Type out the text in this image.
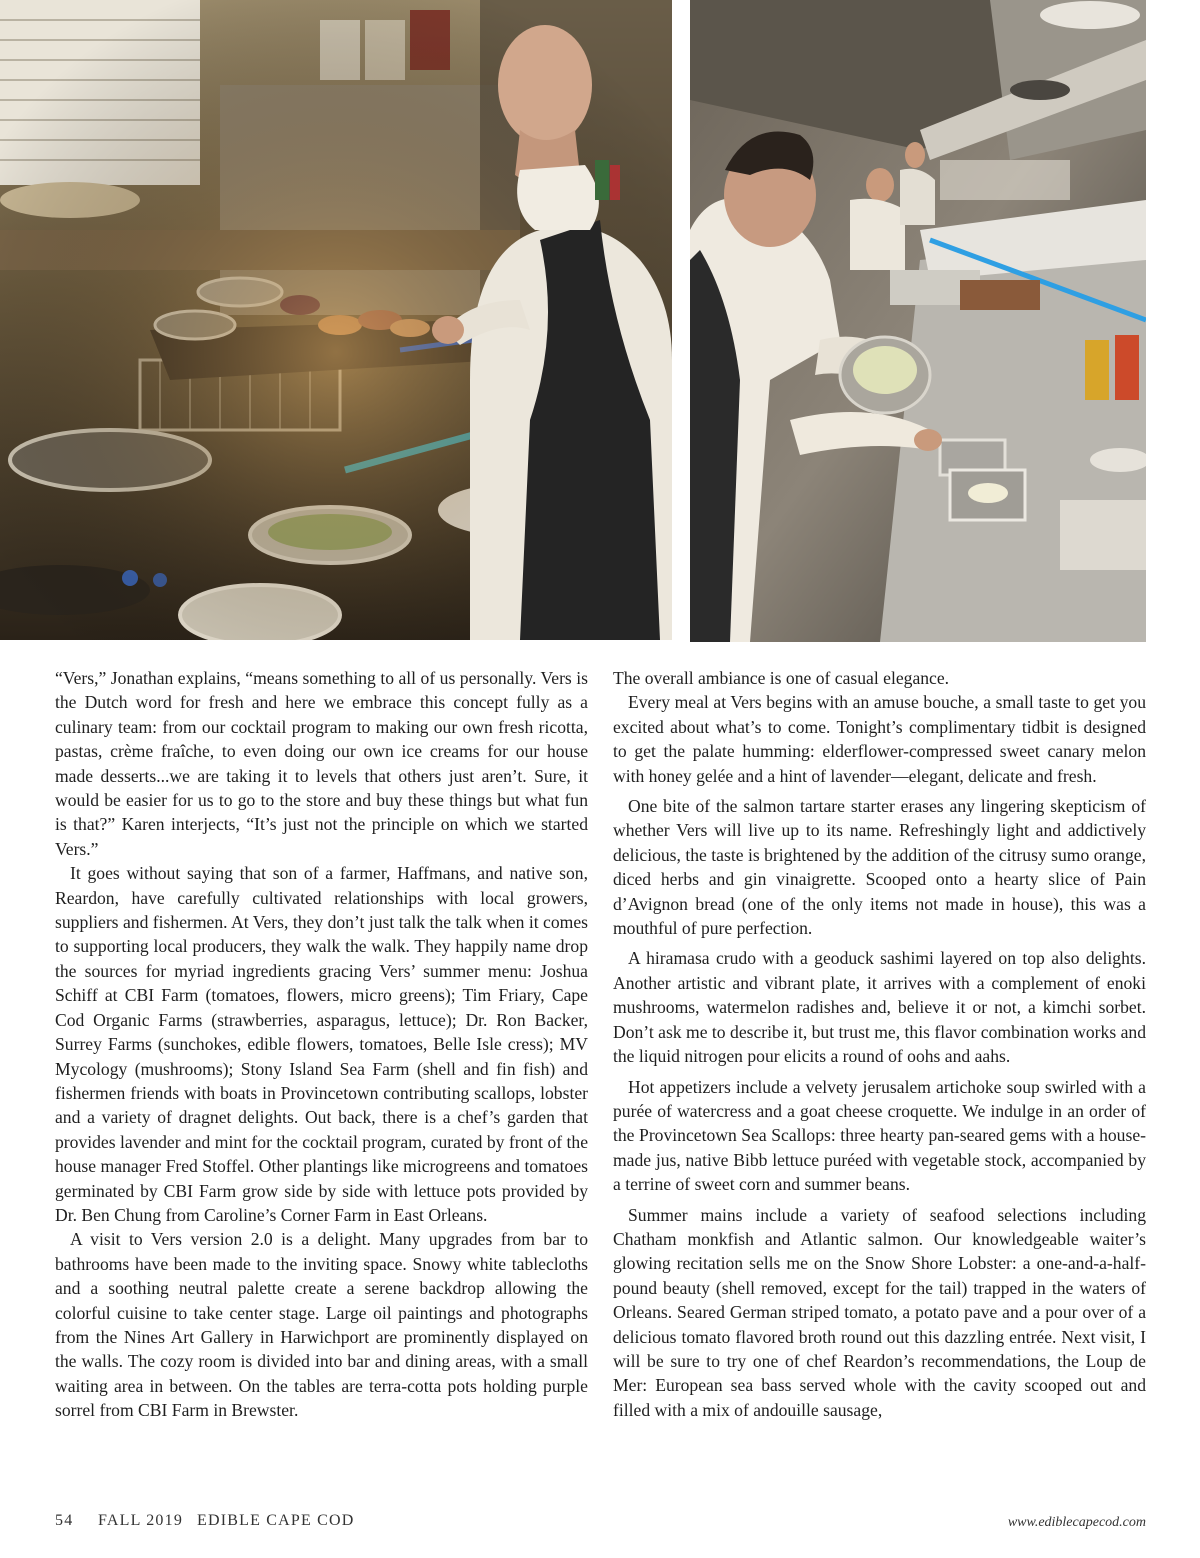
“Vers,” Jonathan explains, “means something to all of us personally. Vers is the Dutch word for fresh and here we embrace this concept fully as a culinary team: from our cocktail program to making our own fresh ricotta, pastas, crème fraîche, to even doing our own ice creams for our house made desserts...we are taking it to levels that others just aren’t. Sure, it would be easier for us to go to the store and buy these things but what fun is that?” Karen interjects, “It’s just not the principle on which we started Vers.”

It goes without saying that son of a farmer, Haffmans, and native son, Reardon, have carefully cultivated relationships with local growers, suppliers and fishermen. At Vers, they don’t just talk the talk when it comes to supporting local producers, they walk the walk. They happily name drop the sources for myriad ingredients gracing Vers’ summer menu: Joshua Schiff at CBI Farm (tomatoes, flowers, micro greens); Tim Friary, Cape Cod Organic Farms (strawberries, asparagus, lettuce); Dr. Ron Backer, Surrey Farms (sunchokes, edible flowers, tomatoes, Belle Isle cress); MV Mycology (mushrooms); Stony Island Sea Farm (shell and fin fish) and fishermen friends with boats in Provincetown contributing scallops, lobster and a variety of dragnet delights. Out back, there is a chef’s garden that provides lavender and mint for the cocktail program, curated by front of the house manager Fred Stoffel. Other plantings like microgreens and tomatoes germinated by CBI Farm grow side by side with lettuce pots provided by Dr. Ben Chung from Caroline’s Corner Farm in East Orleans.

A visit to Vers version 2.0 is a delight. Many upgrades from bar to bathrooms have been made to the inviting space. Snowy white tablecloths and a soothing neutral palette create a serene backdrop allowing the colorful cuisine to take center stage. Large oil paintings and photographs from the Nines Art Gallery in Harwichport are prominently displayed on the walls. The cozy room is divided into bar and dining areas, with a small waiting area in between. On the tables are terra-cotta pots holding purple sorrel from CBI Farm in Brewster.

The overall ambiance is one of casual elegance.

Every meal at Vers begins with an amuse bouche, a small taste to get you excited about what’s to come. Tonight’s complimentary tidbit is designed to get the palate humming: elderflower-compressed sweet canary melon with honey gelée and a hint of lavender—elegant, delicate and fresh.

One bite of the salmon tartare starter erases any lingering skepticism of whether Vers will live up to its name. Refreshingly light and addictively delicious, the taste is brightened by the addition of the citrusy sumo orange, diced herbs and gin vinaigrette. Scooped onto a hearty slice of Pain d’Avignon bread (one of the only items not made in house), this was a mouthful of pure perfection.

A hiramasa crudo with a geoduck sashimi layered on top also delights. Another artistic and vibrant plate, it arrives with a complement of enoki mushrooms, watermelon radishes and, believe it or not, a kimchi sorbet. Don’t ask me to describe it, but trust me, this flavor combination works and the liquid nitrogen pour elicits a round of oohs and aahs.

Hot appetizers include a velvety jerusalem artichoke soup swirled with a purée of watercress and a goat cheese croquette. We indulge in an order of the Provincetown Sea Scallops: three hearty pan-seared gems with a house-made jus, native Bibb lettuce puréed with vegetable stock, accompanied by a terrine of sweet corn and summer beans.

Summer mains include a variety of seafood selections including Chatham monkfish and Atlantic salmon. Our knowledgeable waiter’s glowing recitation sells me on the Snow Shore Lobster: a one-and-a-half-pound beauty (shell removed, except for the tail) trapped in the waters of Orleans. Seared German striped tomato, a potato pave and a pour over of a delicious tomato flavored broth round out this dazzling entrée. Next visit, I will be sure to try one of chef Reardon’s recommendations, the Loup de Mer: European sea bass served whole with the cavity scooped out and filled with a mix of andouille sausage,

54 FALL 2019 EDIBLE CAPE COD	www.ediblecapecod.com
